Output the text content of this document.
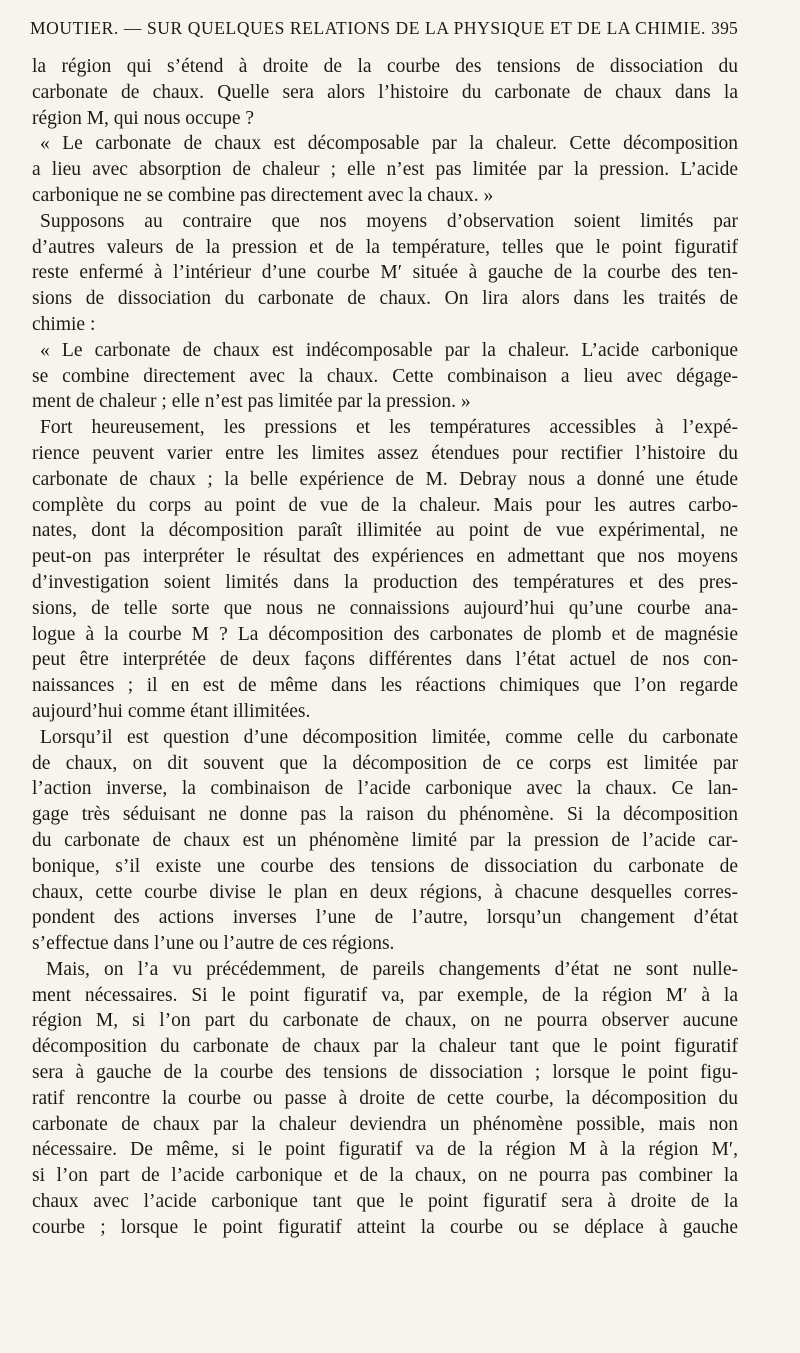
MOUTIER. — SUR QUELQUES RELATIONS DE LA PHYSIQUE ET DE LA CHIMIE. 395
la région qui s’étend à droite de la courbe des tensions de dissociation du
carbonate de chaux. Quelle sera alors l’histoire du carbonate de chaux dans la
région M, qui nous occupe ?
« Le carbonate de chaux est décomposable par la chaleur. Cette décomposition
a lieu avec absorption de chaleur ; elle n’est pas limitée par la pression. L’acide
carbonique ne se combine pas directement avec la chaux. »
Supposons au contraire que nos moyens d’observation soient limités par
d’autres valeurs de la pression et de la température, telles que le point figuratif
reste enfermé à l’intérieur d’une courbe M′ située à gauche de la courbe des ten-
sions de dissociation du carbonate de chaux. On lira alors dans les traités de
chimie :
« Le carbonate de chaux est indécomposable par la chaleur. L’acide carbonique
se combine directement avec la chaux. Cette combinaison a lieu avec dégage-
ment de chaleur ; elle n’est pas limitée par la pression. »
Fort heureusement, les pressions et les températures accessibles à l’expé-
rience peuvent varier entre les limites assez étendues pour rectifier l’histoire du
carbonate de chaux ; la belle expérience de M. Debray nous a donné une étude
complète du corps au point de vue de la chaleur. Mais pour les autres carbo-
nates, dont la décomposition paraît illimitée au point de vue expérimental, ne
peut-on pas interpréter le résultat des expériences en admettant que nos moyens
d’investigation soient limités dans la production des températures et des pres-
sions, de telle sorte que nous ne connaissions aujourd’hui qu’une courbe ana-
logue à la courbe M ? La décomposition des carbonates de plomb et de magnésie
peut être interprétée de deux façons différentes dans l’état actuel de nos con-
naissances ; il en est de même dans les réactions chimiques que l’on regarde
aujourd’hui comme étant illimitées.
Lorsqu’il est question d’une décomposition limitée, comme celle du carbonate
de chaux, on dit souvent que la décomposition de ce corps est limitée par
l’action inverse, la combinaison de l’acide carbonique avec la chaux. Ce lan-
gage très séduisant ne donne pas la raison du phénomène. Si la décomposition
du carbonate de chaux est un phénomène limité par la pression de l’acide car-
bonique, s’il existe une courbe des tensions de dissociation du carbonate de
chaux, cette courbe divise le plan en deux régions, à chacune desquelles corres-
pondent des actions inverses l’une de l’autre, lorsqu’un changement d’état
s’effectue dans l’une ou l’autre de ces régions.
Mais, on l’a vu précédemment, de pareils changements d’état ne sont nulle-
ment nécessaires. Si le point figuratif va, par exemple, de la région M′ à la
région M, si l’on part du carbonate de chaux, on ne pourra observer aucune
décomposition du carbonate de chaux par la chaleur tant que le point figuratif
sera à gauche de la courbe des tensions de dissociation ; lorsque le point figu-
ratif rencontre la courbe ou passe à droite de cette courbe, la décomposition du
carbonate de chaux par la chaleur deviendra un phénomène possible, mais non
nécessaire. De même, si le point figuratif va de la région M à la région M′,
si l’on part de l’acide carbonique et de la chaux, on ne pourra pas combiner la
chaux avec l’acide carbonique tant que le point figuratif sera à droite de la
courbe ; lorsque le point figuratif atteint la courbe ou se déplace à gauche
